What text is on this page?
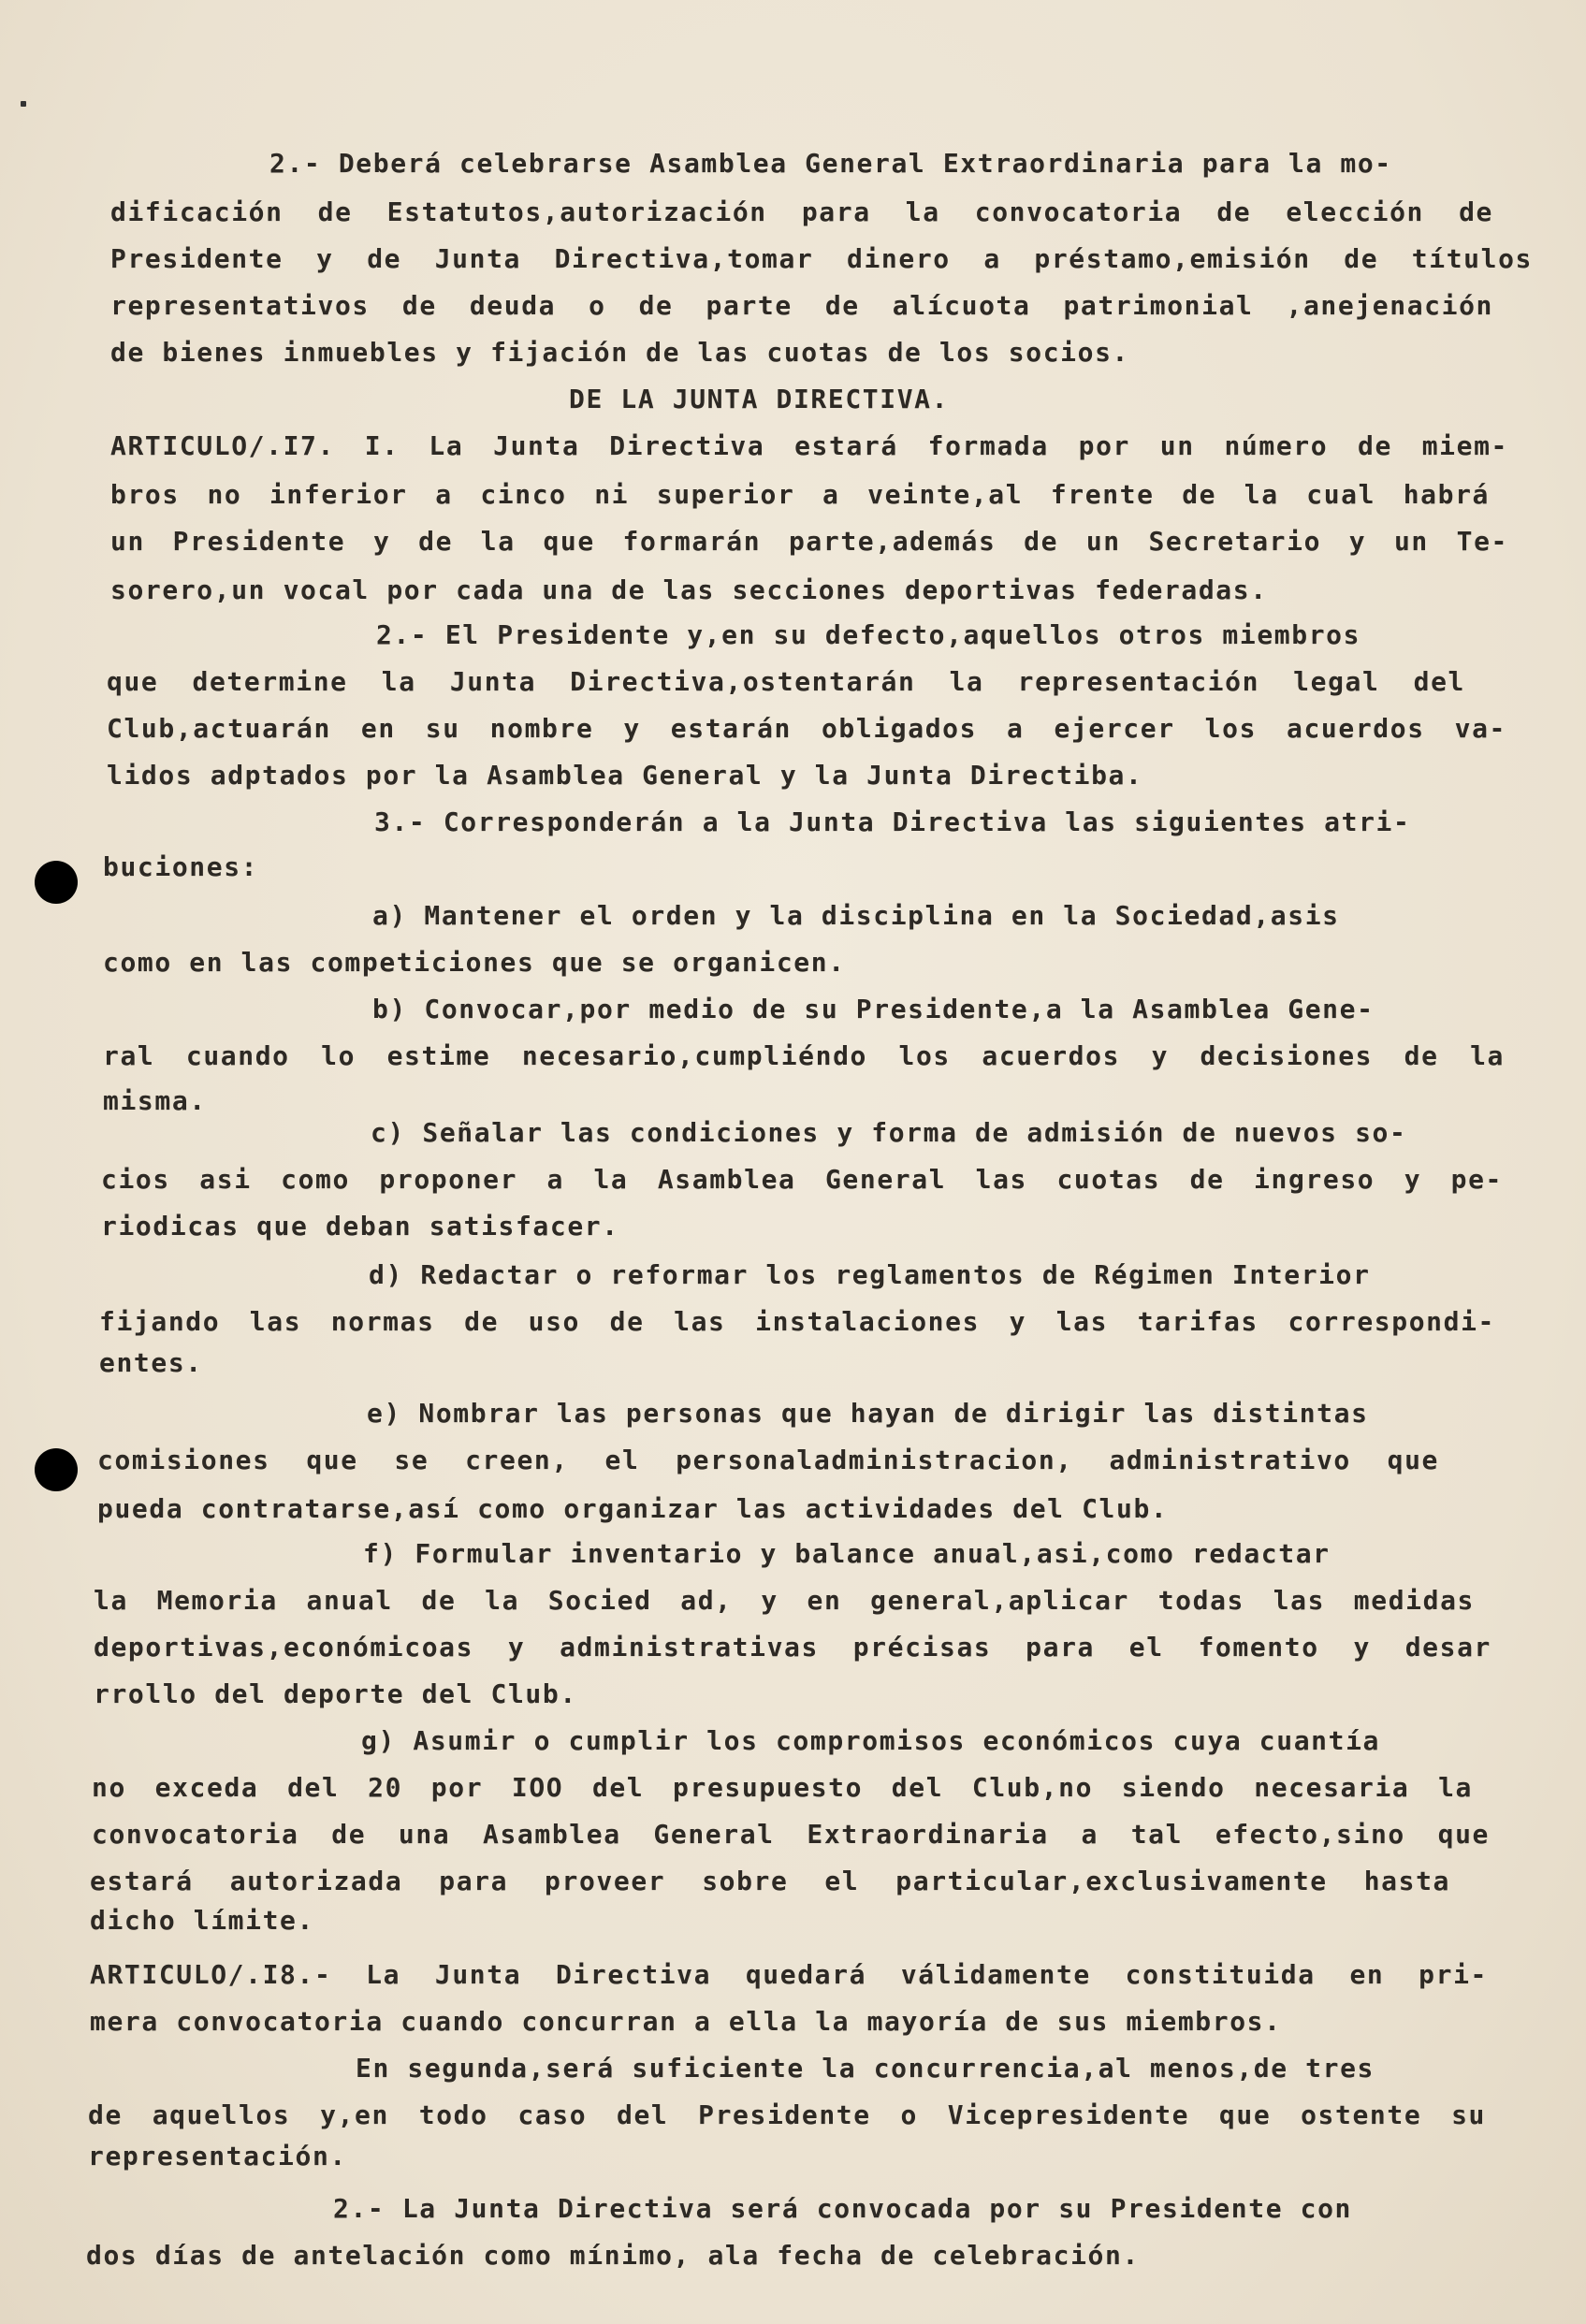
2.- Deberá celebrarse Asamblea General Extraordinaria para la mo-
dificación de Estatutos,autorización para la convocatoria de elección de
Presidente y de Junta Directiva,tomar dinero a préstamo,emisión de títulos
representativos de deuda o de parte de alícuota patrimonial ,anejenación
de bienes inmuebles y fijación de las cuotas de los socios.
DE LA JUNTA DIRECTIVA.
ARTICULO/.I7. I. La Junta Directiva estará formada por un número de miem-
bros no inferior a cinco ni superior a veinte,al frente de la cual habrá
un Presidente y de la que formarán parte,además de un Secretario y un Te-
sorero,un vocal por cada una de las secciones deportivas federadas.
2.- El Presidente y,en su defecto,aquellos otros miembros
que determine la Junta Directiva,ostentarán la representación legal del
Club,actuarán en su nombre y estarán obligados a ejercer los acuerdos va-
lidos adptados por la Asamblea General y la Junta Directiba.
3.- Corresponderán a la Junta Directiva las siguientes atri-
buciones:
a) Mantener el orden y la disciplina en la Sociedad,asis
como en las competiciones que se organicen.
b) Convocar,por medio de su Presidente,a la Asamblea Gene-
ral cuando lo estime necesario,cumpliéndo los acuerdos y decisiones de la
misma.
c) Señalar las condiciones y forma de admisión de nuevos so-
cios asi como proponer a la Asamblea General las cuotas de ingreso y pe-
riodicas que deban satisfacer.
d) Redactar o reformar los reglamentos de Régimen Interior
fijando las normas de uso de las instalaciones y las tarifas correspondi-
entes.
e) Nombrar las personas que hayan de dirigir las distintas
comisiones que se creen, el personaladministracion, administrativo que
pueda contratarse,así como organizar las actividades del Club.
f) Formular inventario y balance anual,asi,como redactar
la Memoria anual de la Socied ad, y en general,aplicar todas las medidas
deportivas,económicoas y administrativas précisas para el fomento y desar
rrollo del deporte del Club.
g) Asumir o cumplir los compromisos económicos cuya cuantía
no exceda del 20 por IOO del presupuesto del Club,no siendo necesaria la
convocatoria de una Asamblea General Extraordinaria a tal efecto,sino que
estará autorizada para proveer sobre el particular,exclusivamente hasta
dicho límite.
ARTICULO/.I8.- La Junta Directiva quedará válidamente constituida en pri-
mera convocatoria cuando concurran a ella la mayoría de sus miembros.
En segunda,será suficiente la concurrencia,al menos,de tres
de aquellos y,en todo caso del Presidente o Vicepresidente que ostente su
representación.
2.- La Junta Directiva será convocada por su Presidente con
dos días de antelación como mínimo, ala fecha de celebración.
